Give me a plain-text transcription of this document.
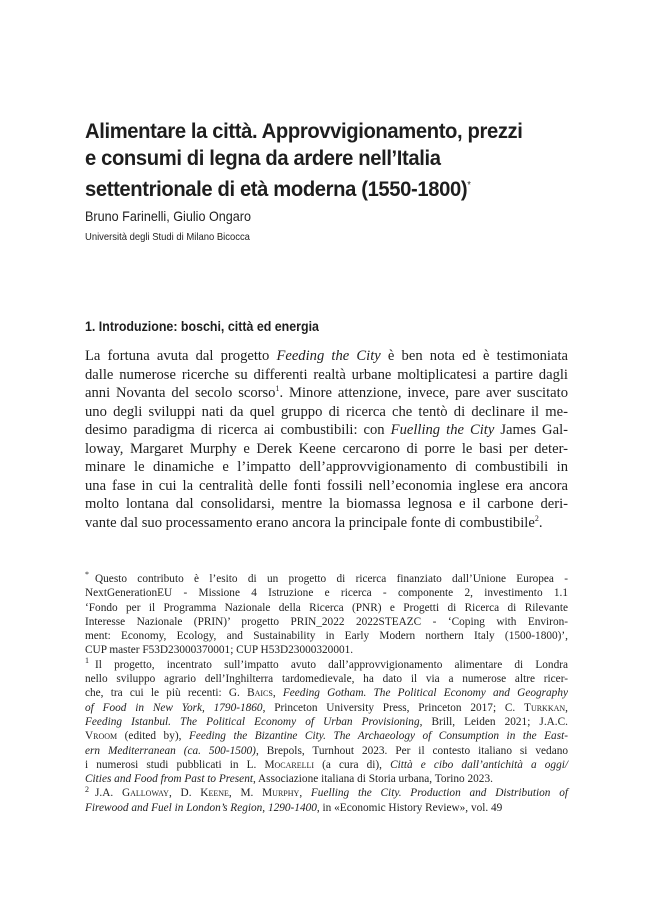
Alimentare la città. Approvvigionamento, prezzi
e consumi di legna da ardere nell’Italia
settentrionale di età moderna (1550-1800)*

Bruno Farinelli, Giulio Ongaro

Università degli Studi di Milano Bicocca

1. Introduzione: boschi, città ed energia
La fortuna avuta dal progetto Feeding the City è ben nota ed è testimoniata
dalle numerose ricerche su differenti realtà urbane moltiplicatesi a partire dagli
anni Novanta del secolo scorso$^1$. Minore attenzione, invece, pare aver suscitato
uno degli sviluppi nati da quel gruppo di ricerca che tentò di declinare il me-
desimo paradigma di ricerca ai combustibili: con Fuelling the City James Gal-
loway, Margaret Murphy e Derek Keene cercarono di porre le basi per deter-
minare le dinamiche e l’impatto dell’approvvigionamento di combustibili in
una fase in cui la centralità delle fonti fossili nell’economia inglese era ancora
molto lontana dal consolidarsi, mentre la biomassa legnosa e il carbone deri-
vante dal suo processamento erano ancora la principale fonte di combustibile$^2$.
* Questo contributo è l’esito di un progetto di ricerca finanziato dall’Unione Europea -
NextGenerationEU - Missione 4 Istruzione e ricerca - componente 2, investimento 1.1
‘Fondo per il Programma Nazionale della Ricerca (PNR) e Progetti di Ricerca di Rilevante
Interesse Nazionale (PRIN)’ progetto PRIN_2022 2022STEAZC - ‘Coping with Environ-
ment: Economy, Ecology, and Sustainability in Early Modern northern Italy (1500-1800)’,
CUP master F53D23000370001; CUP H53D23000320001.
$^1$ Il progetto, incentrato sull’impatto avuto dall’approvvigionamento alimentare di Londra
nello sviluppo agrario dell’Inghilterra tardomedievale, ha dato il via a numerose altre ricer-
che, tra cui le più recenti: G. Baics, Feeding Gotham. The Political Economy and Geography
of Food in New York, 1790-1860, Princeton University Press, Princeton 2017; C. Turkkan,
Feeding Istanbul. The Political Economy of Urban Provisioning, Brill, Leiden 2021; J.A.C.
Vroom (edited by), Feeding the Bizantine City. The Archaeology of Consumption in the East-
ern Mediterranean (ca. 500-1500), Brepols, Turnhout 2023. Per il contesto italiano si vedano
i numerosi studi pubblicati in L. Mocarelli (a cura di), Città e cibo dall’antichità a oggi/
Cities and Food from Past to Present, Associazione italiana di Storia urbana, Torino 2023.
$^2$ J.A. Galloway, D. Keene, M. Murphy, Fuelling the City. Production and Distribution of
Firewood and Fuel in London’s Region, 1290-1400, in «Economic History Review», vol. 49
